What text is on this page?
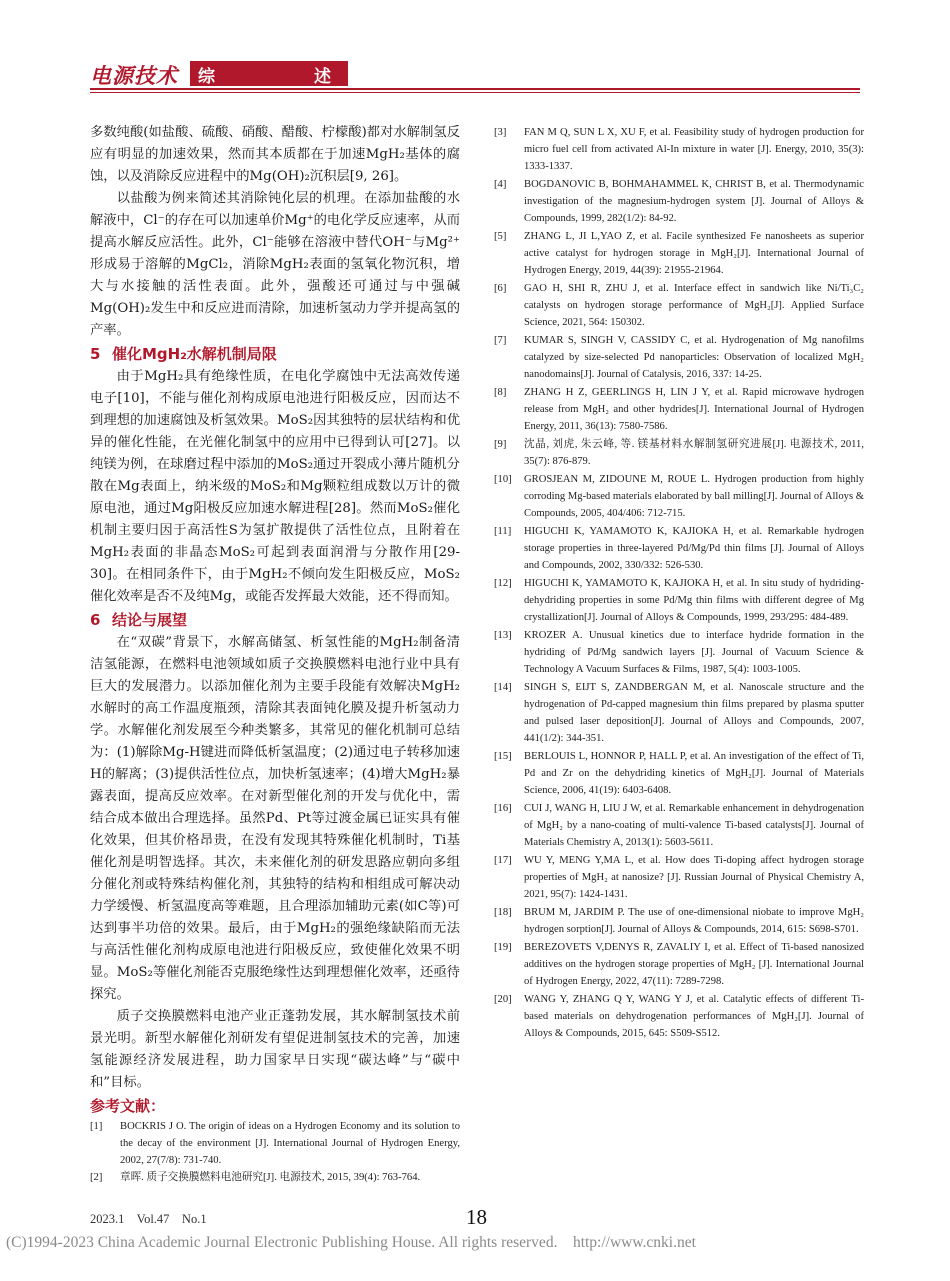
电源技术 综	述

多数纯酸(如盐酸、硫酸、硝酸、醋酸、柠檬酸)都对水解制氢反应有明显的加速效果，然而其本质都在于加速MgH₂基体的腐蚀，以及消除反应进程中的Mg(OH)₂沉积层[9, 26]。

以盐酸为例来简述其消除钝化层的机理。在添加盐酸的水解液中，Cl⁻的存在可以加速单价Mg⁺的电化学反应速率，从而提高水解反应活性。此外，Cl⁻能够在溶液中替代OH⁻与Mg²⁺形成易于溶解的MgCl₂，消除MgH₂表面的氢氧化物沉积，增大与水接触的活性表面。此外，强酸还可通过与中强碱Mg(OH)₂发生中和反应进而清除，加速析氢动力学并提高氢的产率。

5 催化MgH₂水解机制局限

由于MgH₂具有绝缘性质，在电化学腐蚀中无法高效传递电子[10]，不能与催化剂构成原电池进行阳极反应，因而达不到理想的加速腐蚀及析氢效果。MoS₂因其独特的层状结构和优异的催化性能，在光催化制氢中的应用中已得到认可[27]。以纯镁为例，在球磨过程中添加的MoS₂通过开裂成小薄片随机分散在Mg表面上，纳米级的MoS₂和Mg颗粒组成数以万计的微原电池，通过Mg阳极反应加速水解进程[28]。然而MoS₂催化机制主要归因于高活性S为氢扩散提供了活性位点，且附着在MgH₂表面的非晶态MoS₂可起到表面润滑与分散作用[29-30]。在相同条件下，由于MgH₂不倾向发生阳极反应，MoS₂催化效率是否不及纯Mg，或能否发挥最大效能，还不得而知。

6 结论与展望

在“双碳”背景下，水解高储氢、析氢性能的MgH₂制备清洁氢能源，在燃料电池领域如质子交换膜燃料电池行业中具有巨大的发展潜力。以添加催化剂为主要手段能有效解决MgH₂水解时的高工作温度瓶颈，清除其表面钝化膜及提升析氢动力学。水解催化剂发展至今种类繁多，其常见的催化机制可总结为：(1)解除Mg-H键进而降低析氢温度；(2)通过电子转移加速H的解离；(3)提供活性位点，加快析氢速率；(4)增大MgH₂暴露表面，提高反应效率。在对新型催化剂的开发与优化中，需结合成本做出合理选择。虽然Pd、Pt等过渡金属已证实具有催化效果，但其价格昂贵，在没有发现其特殊催化机制时，Ti基催化剂是明智选择。其次，未来催化剂的研发思路应朝向多组分催化剂或特殊结构催化剂，其独特的结构和相组成可解决动力学缓慢、析氢温度高等难题，且合理添加辅助元素(如C等)可达到事半功倍的效果。最后，由于MgH₂的强绝缘缺陷而无法与高活性催化剂构成原电池进行阳极反应，致使催化效果不明显。MoS₂等催化剂能否克服绝缘性达到理想催化效率，还亟待探究。

质子交换膜燃料电池产业正蓬勃发展，其水解制氢技术前景光明。新型水解催化剂研发有望促进制氢技术的完善，加速氢能源经济发展进程，助力国家早日实现“碳达峰”与“碳中和”目标。

参考文献：

[1]	BOCKRIS J O. The origin of ideas on a Hydrogen Economy and its solution to the decay of the environment [J]. International Journal of Hydrogen Energy, 2002, 27(7/8): 731-740.
[2]	章晖. 质子交换膜燃料电池研究[J]. 电源技术, 2015, 39(4): 763-764.
[3]	FAN M Q, SUN L X, XU F, et al. Feasibility study of hydrogen production for micro fuel cell from activated Al-In mixture in water [J]. Energy, 2010, 35(3): 1333-1337.
[4]	BOGDANOVIC B, BOHMAHAMMEL K, CHRIST B, et al. Thermodynamic investigation of the magnesium-hydrogen system [J]. Journal of Alloys & Compounds, 1999, 282(1/2): 84-92.
[5]	ZHANG L, JI L,YAO Z, et al. Facile synthesized Fe nanosheets as superior active catalyst for hydrogen storage in MgH₂[J]. International Journal of Hydrogen Energy, 2019, 44(39): 21955-21964.
[6]	GAO H, SHI R, ZHU J, et al. Interface effect in sandwich like Ni/Ti₃C₂ catalysts on hydrogen storage performance of MgH₂[J]. Applied Surface Science, 2021, 564: 150302.
[7]	KUMAR S, SINGH V, CASSIDY C, et al. Hydrogenation of Mg nanofilms catalyzed by size-selected Pd nanoparticles: Observation of localized MgH₂ nanodomains[J]. Journal of Catalysis, 2016, 337: 14-25.
[8]	ZHANG H Z, GEERLINGS H, LIN J Y, et al. Rapid microwave hydrogen release from MgH₂ and other hydrides[J]. International Journal of Hydrogen Energy, 2011, 36(13): 7580-7586.
[9]	沈晶, 刘虎, 朱云峰, 等. 镁基材料水解制氢研究进展[J]. 电源技术, 2011, 35(7): 876-879.
[10]	GROSJEAN M, ZIDOUNE M, ROUE L. Hydrogen production from highly corroding Mg-based materials elaborated by ball milling[J]. Journal of Alloys & Compounds, 2005, 404/406: 712-715.
[11]	HIGUCHI K, YAMAMOTO K, KAJIOKA H, et al. Remarkable hydrogen storage properties in three-layered Pd/Mg/Pd thin films [J]. Journal of Alloys and Compounds, 2002, 330/332: 526-530.
[12]	HIGUCHI K, YAMAMOTO K, KAJIOKA H, et al. In situ study of hydriding-dehydriding properties in some Pd/Mg thin films with different degree of Mg crystallization[J]. Journal of Alloys & Compounds, 1999, 293/295: 484-489.
[13]	KROZER A. Unusual kinetics due to interface hydride formation in the hydriding of Pd/Mg sandwich layers [J]. Journal of Vacuum Science & Technology A Vacuum Surfaces & Films, 1987, 5(4): 1003-1005.
[14]	SINGH S, EIJT S, ZANDBERGAN M, et al. Nanoscale structure and the hydrogenation of Pd-capped magnesium thin films prepared by plasma sputter and pulsed laser deposition[J]. Journal of Alloys and Compounds, 2007, 441(1/2): 344-351.
[15]	BERLOUIS L, HONNOR P, HALL P, et al. An investigation of the effect of Ti, Pd and Zr on the dehydriding kinetics of MgH₂[J]. Journal of Materials Science, 2006, 41(19): 6403-6408.
[16]	CUI J, WANG H, LIU J W, et al. Remarkable enhancement in dehydrogenation of MgH₂ by a nano-coating of multi-valence Ti-based catalysts[J]. Journal of Materials Chemistry A, 2013(1): 5603-5611.
[17]	WU Y, MENG Y,MA L, et al. How does Ti-doping affect hydrogen storage properties of MgH₂ at nanosize? [J]. Russian Journal of Physical Chemistry A, 2021, 95(7): 1424-1431.
[18]	BRUM M, JARDIM P. The use of one-dimensional niobate to improve MgH₂ hydrogen sorption[J]. Journal of Alloys & Compounds, 2014, 615: S698-S701.
[19]	BEREZOVETS V,DENYS R, ZAVALIY I, et al. Effect of Ti-based nanosized additives on the hydrogen storage properties of MgH₂ [J]. International Journal of Hydrogen Energy, 2022, 47(11): 7289-7298.
[20]	WANG Y, ZHANG Q Y, WANG Y J, et al. Catalytic effects of different Ti-based materials on dehydrogenation performances of MgH₂[J]. Journal of Alloys & Compounds, 2015, 645: S509-S512.
2023.1    Vol.47    No.1	18
(C)1994-2023 China Academic Journal Electronic Publishing House. All rights reserved.    http://www.cnki.net
